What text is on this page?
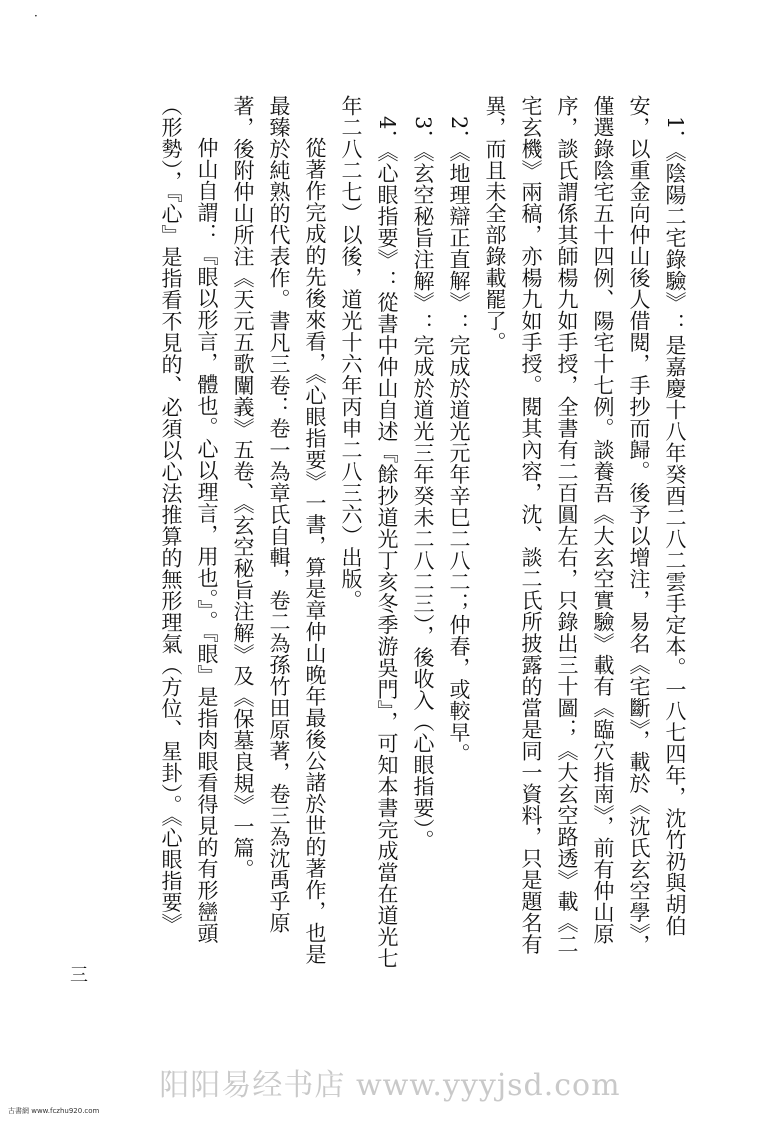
·

1．《陰陽二宅錄驗》：是嘉慶十八年癸酉二八二雲手定本。一八七四年，沈竹礽與胡伯安，以重金向仲山後人借閱，手抄而歸。後予以增注，易名《宅斷》，載於《沈氏玄空學》，僅選錄陰宅五十四例、陽宅十七例。談養吾《大玄空實驗》載有《臨穴指南》，前有仲山原序，談氏謂係其師楊九如手授，全書有二百圓左右，只錄出三十圖；《大玄空路透》載《二宅玄機》兩稿，亦楊九如手授。閱其內容，沈、談二氏所披露的當是同一資料，只是題名有異，而且未全部錄載罷了。

2．《地理辯正直解》：完成於道光元年辛巳二八二；仲春，或較早。

3．《玄空秘旨注解》：完成於道光三年癸未二八二三），後收入（心眼指要）。

4．《心眼指要》：從書中仲山自述『餘抄道光丁亥冬季游吳門』，可知本書完成當在道光七年二八二七）以後，道光十六年丙申二八三六）出版。

從著作完成的先後來看，《心眼指要》一書，算是章仲山晚年最後公諸於世的著作，也是最臻於純熟的代表作。書凡三卷：卷一為章氏自輯，卷二為孫竹田原著，卷三為沈禹乎原著，後附仲山所注《天元五歌闡義》五卷、《玄空秘旨注解》及《保墓良規》一篇。

仲山自謂：『眼以形言，體也。心以理言，用也。』。『眼』是指肉眼看得見的有形巒頭（形勢），『心』是指看不見的、必須以心法推算的無形理氣（方位、星卦）。《心眼指要》

三
阳阳易经书店 www.yyyjsd.com
古書網 www.fczhu920.com
